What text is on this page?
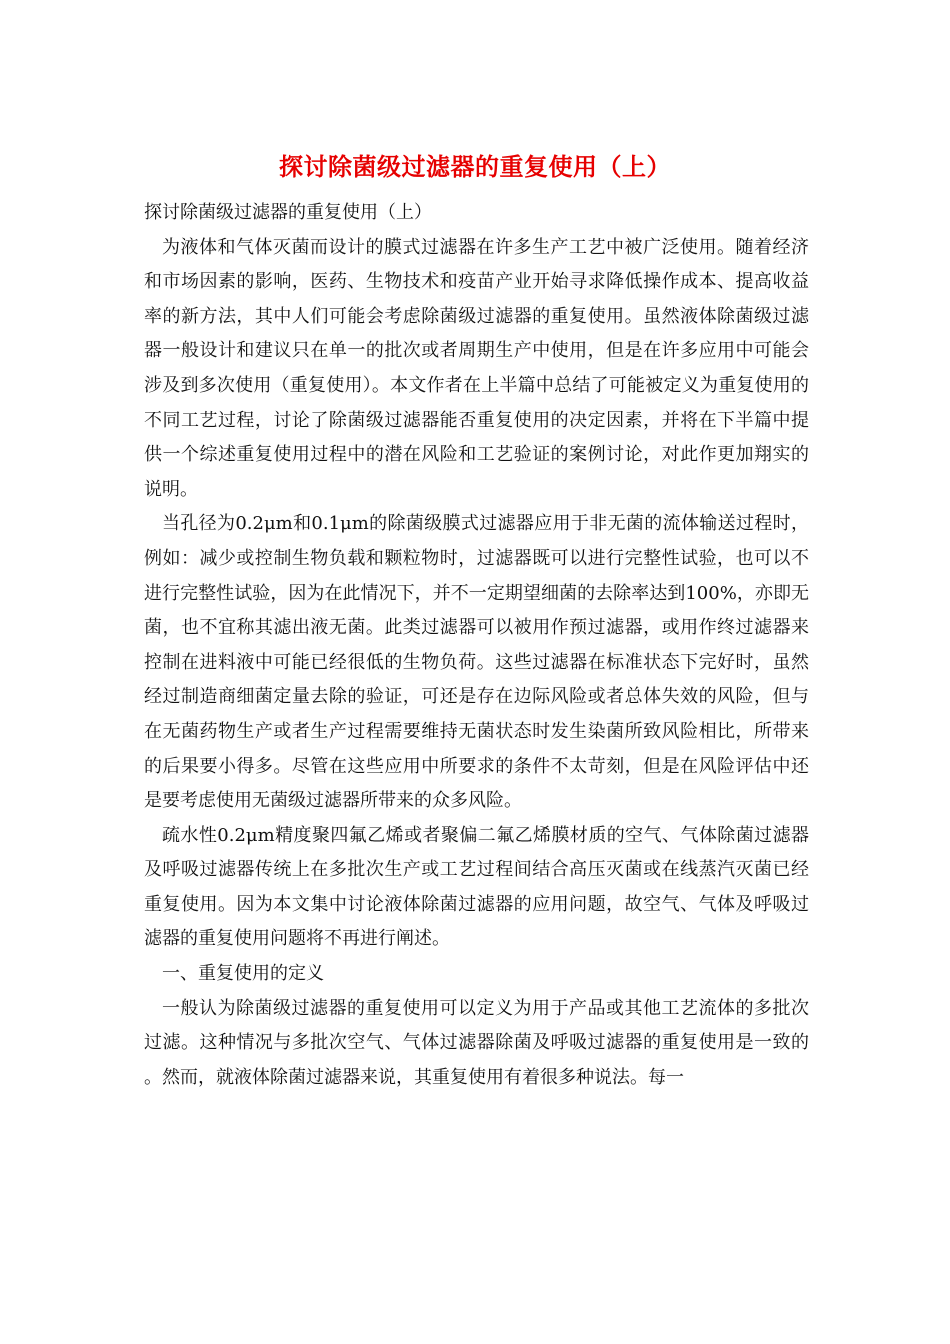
探讨除菌级过滤器的重复使用（上）

探讨除菌级过滤器的重复使用（上）

为液体和气体灭菌而设计的膜式过滤器在许多生产工艺中被广泛使用。随着经济和市场因素的影响，医药、生物技术和疫苗产业开始寻求降低操作成本、提高收益率的新方法，其中人们可能会考虑除菌级过滤器的重复使用。虽然液体除菌级过滤器一般设计和建议只在单一的批次或者周期生产中使用，但是在许多应用中可能会涉及到多次使用（重复使用）。本文作者在上半篇中总结了可能被定义为重复使用的不同工艺过程，讨论了除菌级过滤器能否重复使用的决定因素，并将在下半篇中提供一个综述重复使用过程中的潜在风险和工艺验证的案例讨论，对此作更加翔实的说明。

当孔径为0.2μm和0.1μm的除菌级膜式过滤器应用于非无菌的流体输送过程时，例如：减少或控制生物负载和颗粒物时，过滤器既可以进行完整性试验，也可以不进行完整性试验，因为在此情况下，并不一定期望细菌的去除率达到100%，亦即无菌，也不宜称其滤出液无菌。此类过滤器可以被用作预过滤器，或用作终过滤器来控制在进料液中可能已经很低的生物负荷。这些过滤器在标准状态下完好时，虽然经过制造商细菌定量去除的验证，可还是存在边际风险或者总体失效的风险，但与在无菌药物生产或者生产过程需要维持无菌状态时发生染菌所致风险相比，所带来的后果要小得多。尽管在这些应用中所要求的条件不太苛刻，但是在风险评估中还是要考虑使用无菌级过滤器所带来的众多风险。

疏水性0.2μm精度聚四氟乙烯或者聚偏二氟乙烯膜材质的空气、气体除菌过滤器及呼吸过滤器传统上在多批次生产或工艺过程间结合高压灭菌或在线蒸汽灭菌已经重复使用。因为本文集中讨论液体除菌过滤器的应用问题，故空气、气体及呼吸过滤器的重复使用问题将不再进行阐述。

一、重复使用的定义

一般认为除菌级过滤器的重复使用可以定义为用于产品或其他工艺流体的多批次过滤。这种情况与多批次空气、气体过滤器除菌及呼吸过滤器的重复使用是一致的。然而，就液体除菌过滤器来说，其重复使用有着很多种说法。每一
